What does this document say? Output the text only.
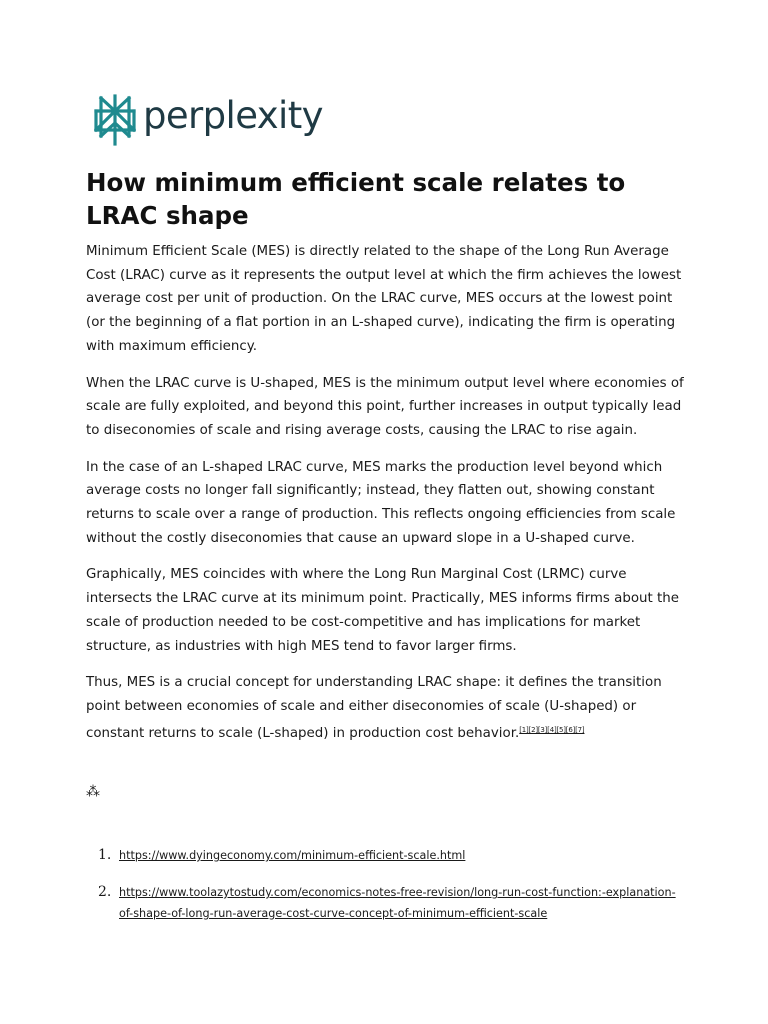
perplexity
How minimum efficient scale relates to LRAC shape

Minimum Efficient Scale (MES) is directly related to the shape of the Long Run Average Cost (LRAC) curve as it represents the output level at which the firm achieves the lowest average cost per unit of production. On the LRAC curve, MES occurs at the lowest point (or the beginning of a flat portion in an L-shaped curve), indicating the firm is operating with maximum efficiency.

When the LRAC curve is U-shaped, MES is the minimum output level where economies of scale are fully exploited, and beyond this point, further increases in output typically lead to diseconomies of scale and rising average costs, causing the LRAC to rise again.

In the case of an L-shaped LRAC curve, MES marks the production level beyond which average costs no longer fall significantly; instead, they flatten out, showing constant returns to scale over a range of production. This reflects ongoing efficiencies from scale without the costly diseconomies that cause an upward slope in a U-shaped curve.

Graphically, MES coincides with where the Long Run Marginal Cost (LRMC) curve intersects the LRAC curve at its minimum point. Practically, MES informs firms about the scale of production needed to be cost-competitive and has implications for market structure, as industries with high MES tend to favor larger firms.

Thus, MES is a crucial concept for understanding LRAC shape: it defines the transition point between economies of scale and either diseconomies of scale (U-shaped) or constant returns to scale (L-shaped) in production cost behavior.[1][2][3][4][5][6][7]

⁂
1. https://www.dyingeconomy.com/minimum-efficient-scale.html
2. https://www.toolazytostudy.com/economics-notes-free-revision/long-run-cost-function:-explanation-of-shape-of-long-run-average-cost-curve-concept-of-minimum-efficient-scale
